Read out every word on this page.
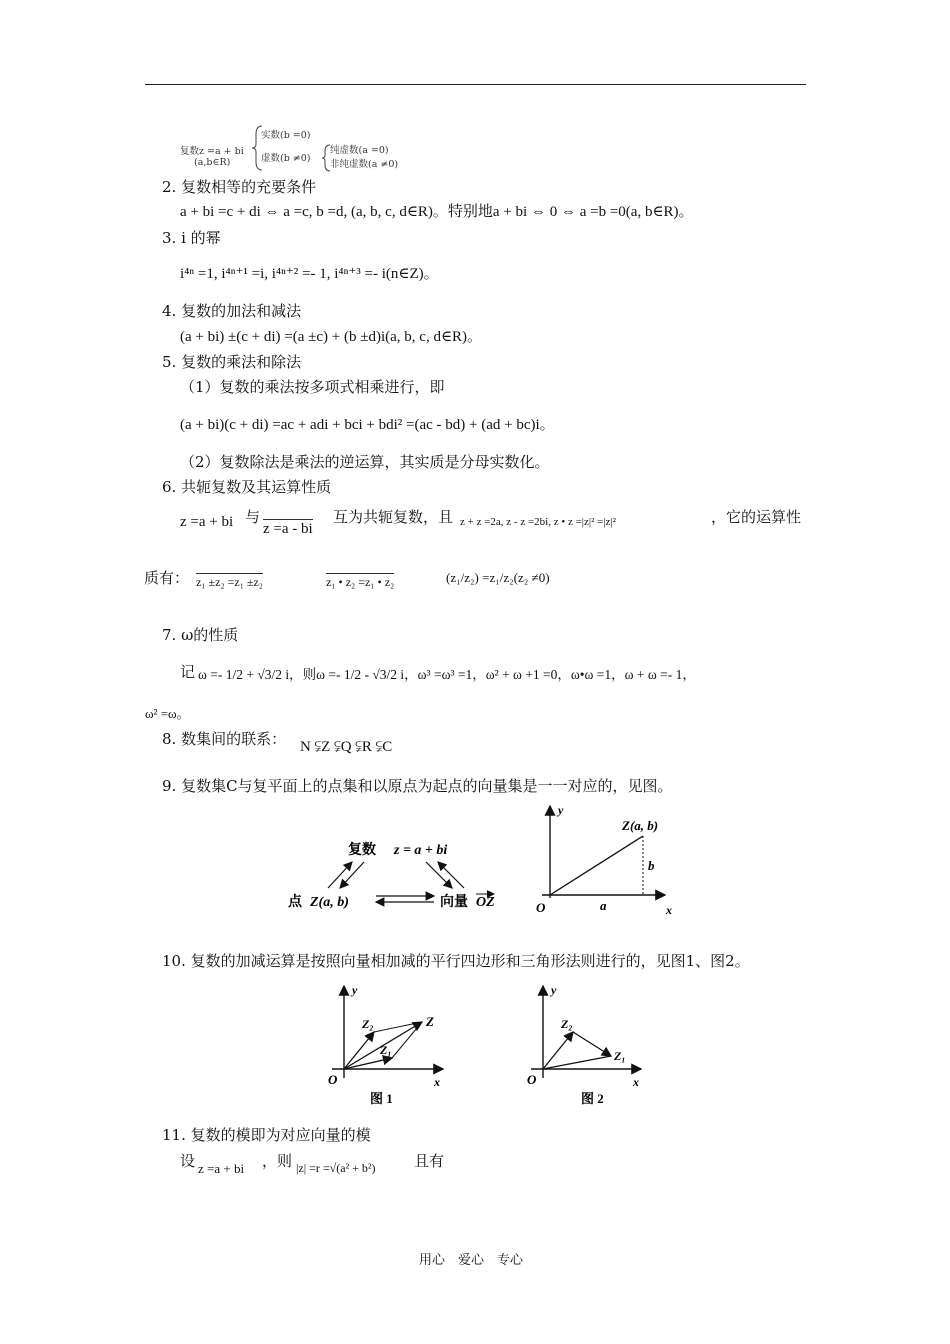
复数z =a + bi
(a,b∈R)
实数(b =0)
虚数(b ≠0)
纯虚数(a =0)
非纯虚数(a ≠0)
2. 复数相等的充要条件
a + bi =c + di ⇔ a =c, b =d, (a, b, c, d∈R)。特别地a + bi ⇔ 0 ⇔ a =b =0(a, b∈R)。
3. i 的幂
i⁴ⁿ =1, i⁴ⁿ⁺¹ =i, i⁴ⁿ⁺² =- 1, i⁴ⁿ⁺³ =- i(n∈Z)。
4. 复数的加法和减法
(a + bi) ±(c + di) =(a ±c) + (b ±d)i(a, b, c, d∈R)。
5. 复数的乘法和除法
（1）复数的乘法按多项式相乘进行，即
(a + bi)(c + di) =ac + adi + bci + bdi² =(ac - bd) + (ad + bc)i。
（2）复数除法是乘法的逆运算，其实质是分母实数化。
6. 共轭复数及其运算性质
z =a + bi 与
z =a - bi
互为共轭复数，且 z + z =2a, z - z =2bi, z • z =|z|² =|z|²	，它的运算性
质有： z₁ ±z₂ =z₁ ±z₂	z₁ • z₂ =z₁ • z₂	(z₁/z₂) =z₁/z₂(z₂ ≠0)
7. ω的性质
记 ω =- 1/2 + √3/2 i，则ω =- 1/2 - √3/2 i，ω³ =ω³ =1，ω² + ω +1 =0，ω•ω =1，ω + ω =- 1，
ω² =ω。
8. 数集间的联系： N ⫋Z ⫋Q ⫋R ⫋C
9. 复数集C与复平面上的点集和以原点为起点的向量集是一一对应的，见图。
复数 z = a + bi
点 Z(a, b)	向量 OZ
y
x
O
Z(a, b)
a
b
10. 复数的加减运算是按照向量相加减的平行四边形和三角形法则进行的，见图1、图2。
y
x
O
Z
Z₂
Z₁
图 1
y
x
O
Z₂
Z₁
图 2
11. 复数的模即为对应向量的模
设 z =a + bi ，则 |z| =r =√(a² + b²)	且有
用心　爱心　专心
